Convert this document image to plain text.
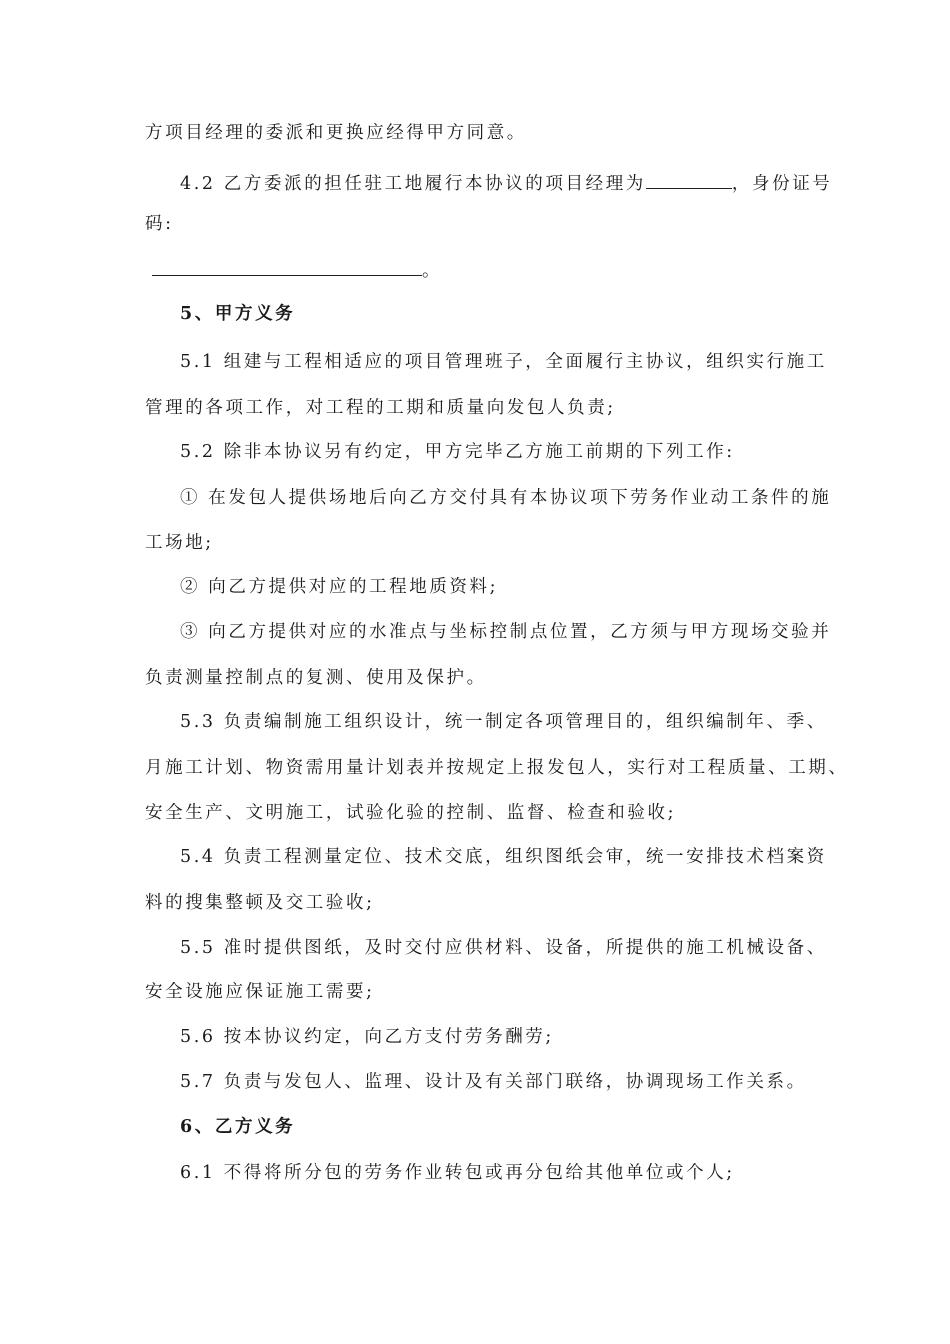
方项目经理的委派和更换应经得甲方同意。
4.2 乙方委派的担任驻工地履行本协议的项目经理为	，身份证号
码:
。
5、甲方义务
5.1 组建与工程相适应的项目管理班子，全面履行主协议，组织实行施工
管理的各项工作，对工程的工期和质量向发包人负责;
5.2 除非本协议另有约定，甲方完毕乙方施工前期的下列工作:
① 在发包人提供场地后向乙方交付具有本协议项下劳务作业动工条件的施
工场地;
② 向乙方提供对应的工程地质资料;
③ 向乙方提供对应的水准点与坐标控制点位置，乙方须与甲方现场交验并
负责测量控制点的复测、使用及保护。
5.3 负责编制施工组织设计，统一制定各项管理目的，组织编制年、季、
月施工计划、物资需用量计划表并按规定上报发包人，实行对工程质量、工期、
安全生产、文明施工，试验化验的控制、监督、检查和验收;
5.4 负责工程测量定位、技术交底，组织图纸会审，统一安排技术档案资
料的搜集整顿及交工验收;
5.5 准时提供图纸，及时交付应供材料、设备，所提供的施工机械设备、
安全设施应保证施工需要;
5.6 按本协议约定，向乙方支付劳务酬劳;
5.7 负责与发包人、监理、设计及有关部门联络，协调现场工作关系。
6、乙方义务
6.1 不得将所分包的劳务作业转包或再分包给其他单位或个人;
